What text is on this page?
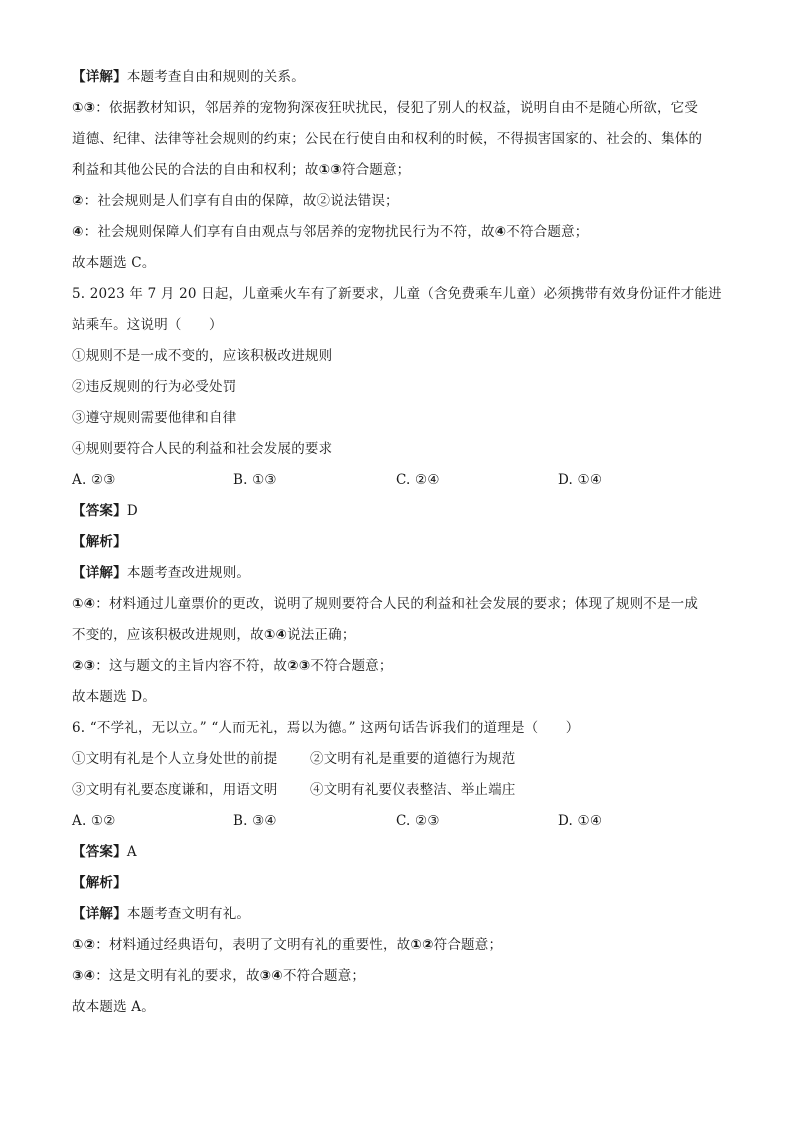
【详解】本题考查自由和规则的关系。
①③：依据教材知识，邻居养的宠物狗深夜狂吠扰民，侵犯了别人的权益，说明自由不是随心所欲，它受
道德、纪律、法律等社会规则的约束；公民在行使自由和权利的时候，不得损害国家的、社会的、集体的
利益和其他公民的合法的自由和权利；故①③符合题意；
②：社会规则是人们享有自由的保障，故②说法错误；
④：社会规则保障人们享有自由观点与邻居养的宠物扰民行为不符，故④不符合题意；
故本题选 C。
5. 2023 年 7 月 20 日起，儿童乘火车有了新要求，儿童（含免费乘车儿童）必须携带有效身份证件才能进
站乘车。这说明（　　）
①规则不是一成不变的，应该积极改进规则
②违反规则的行为必受处罚
③遵守规则需要他律和自律
④规则要符合人民的利益和社会发展的要求
A. ②③	B. ①③	C. ②④	D. ①④
【答案】D
【解析】
【详解】本题考查改进规则。
①④：材料通过儿童票价的更改，说明了规则要符合人民的利益和社会发展的要求；体现了规则不是一成
不变的，应该积极改进规则，故①④说法正确；
②③：这与题文的主旨内容不符，故②③不符合题意；
故本题选 D。
6. “不学礼，无以立。” “人而无礼，焉以为德。” 这两句话告诉我们的道理是（　　）
①文明有礼是个人立身处世的前提 ②文明有礼是重要的道德行为规范
③文明有礼要态度谦和，用语文明 ④文明有礼要仪表整洁、举止端庄
A. ①②	B. ③④	C. ②③	D. ①④
【答案】A
【解析】
【详解】本题考查文明有礼。
①②：材料通过经典语句，表明了文明有礼的重要性，故①②符合题意；
③④：这是文明有礼的要求，故③④不符合题意；
故本题选 A。
